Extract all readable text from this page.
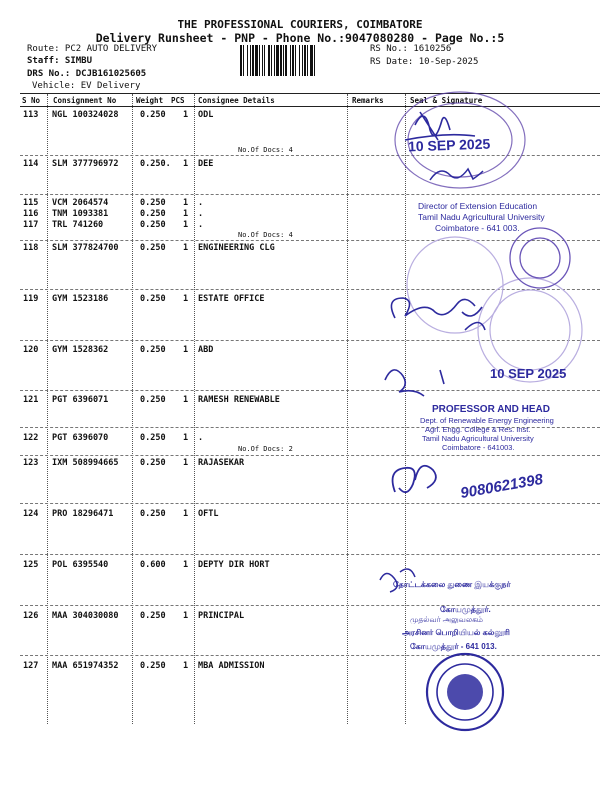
THE PROFESSIONAL COURIERS, COIMBATORE
Delivery Runsheet - PNP - Phone No.:9047080280 - Page No.:5
Route: PC2 AUTO DELIVERY
Staff: SIMBU
DRS No.: DCJB161025605
Vehicle: EV Delivery
RS No.: 1610256
RS Date: 10-Sep-2025
S No Consignment No	Weight PCS Consignee Details	Remarks	Seal & Signature
113 NGL 100324028	0.250 1 ODL
No.Of Docs: 4
114 SLM 377796972	0.250. 1 DEE
115 VCM 2064574	0.250 1 .
116 TNM 1093381	0.250 1 .
117 TRL 741260	0.250 1 .
No.Of Docs: 4
118 SLM 377824700	0.250 1 ENGINEERING CLG
119 GYM 1523186	0.250 1 ESTATE OFFICE
120 GYM 1528362	0.250 1 ABD
121 PGT 6396071	0.250 1 RAMESH RENEWABLE
122 PGT 6396070	0.250 1 .
No.Of Docs: 2
123 IXM 508994665	0.250 1 RAJASEKAR
124 PRO 18296471	0.250 1 OFTL
125 POL 6395540	0.600 1 DEPTY DIR HORT
126 MAA 304030080	0.250 1 PRINCIPAL
127 MAA 651974352	0.250 1 MBA ADMISSION
10 SEP 2025
Director of Extension Education
Tamil Nadu Agricultural University
Coimbatore - 641 003.
10 SEP 2025
PROFESSOR AND HEAD
Dept. of Renewable Energy Engineering
Agrl. Engg. College & Res. Inst.
Tamil Nadu Agricultural University
Coimbatore - 641003.
9080621398
தோட்டக்கலை துணை இயக்குநர்
கோயமுத்தூர்.
முதல்வர் அலுவலகம்
அரசினர் பொறியியல் கல்லூரி
கோயமுத்தூர் - 641 013.
